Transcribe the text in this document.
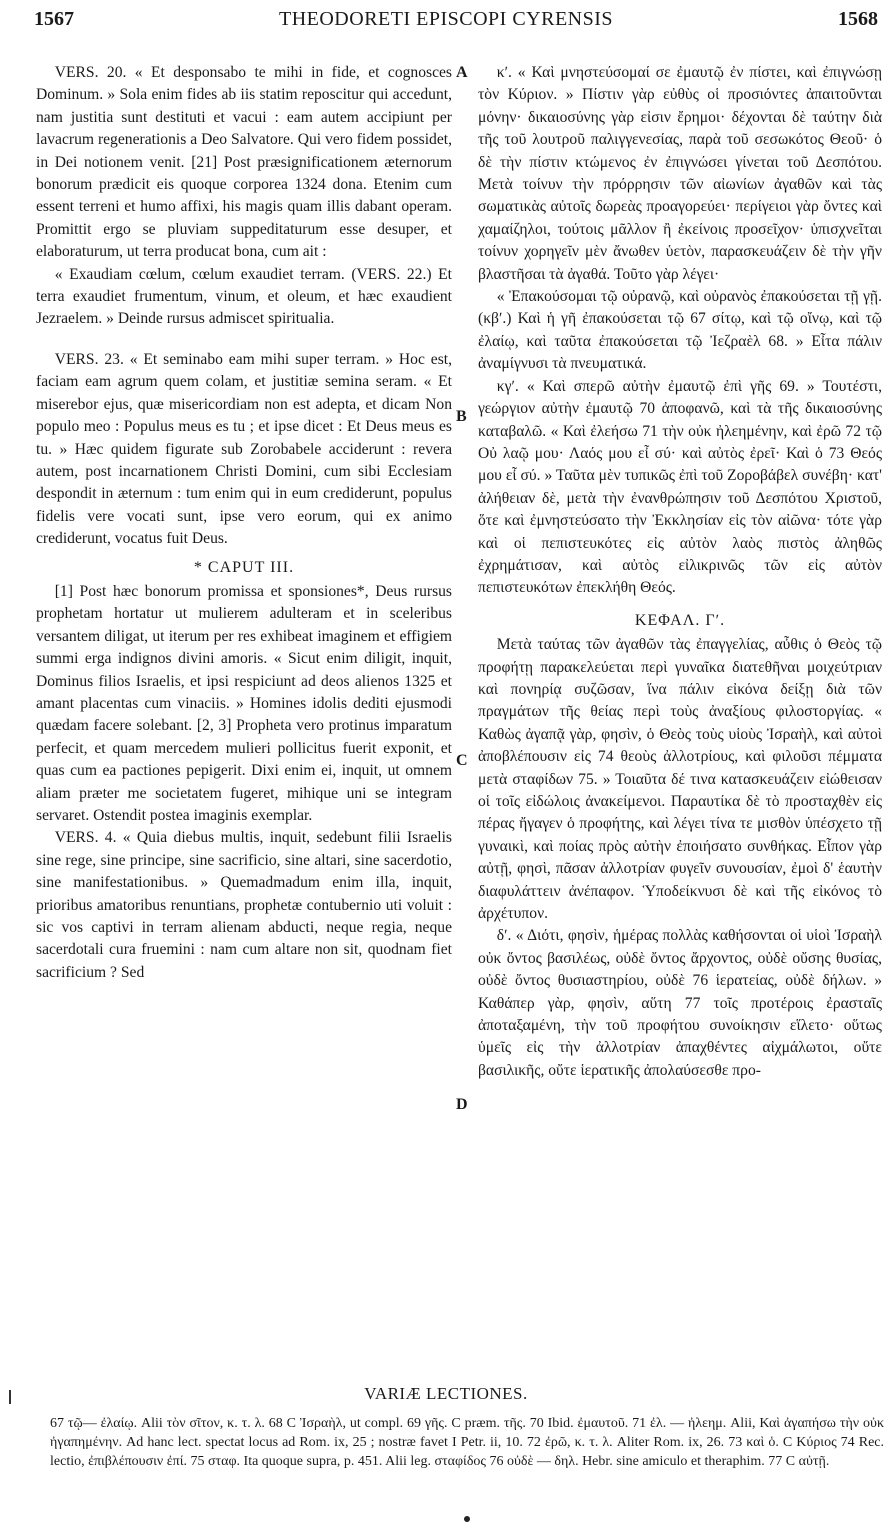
1567	THEODORETI EPISCOPI CYRENSIS	1568
A
B
C
D

VERS. 20. « Et desponsabo te mihi in fide, et cognosces Dominum. » Sola enim fides ab iis statim reposcitur qui accedunt, nam justitia sunt destituti et vacui : eam autem accipiunt per lavacrum regenerationis a Deo Salvatore. Qui vero fidem possidet, in Dei notionem venit. [21] Post præsignificationem æternorum bonorum prædicit eis quoque corporea 1324 dona. Etenim cum essent terreni et humo affixi, his magis quam illis dabant operam. Promittit ergo se pluviam suppeditaturum esse desuper, et elaboraturum, ut terra producat bona, cum ait :

« Exaudiam cœlum, cœlum exaudiet terram. (VERS. 22.) Et terra exaudiet frumentum, vinum, et oleum, et hæc exaudient Jezraelem. » Deinde rursus admiscet spiritualia.

VERS. 23. « Et seminabo eam mihi super terram. » Hoc est, faciam eam agrum quem colam, et justitiæ semina seram. « Et miserebor ejus, quæ misericordiam non est adepta, et dicam Non populo meo : Populus meus es tu ; et ipse dicet : Et Deus meus es tu. » Hæc quidem figurate sub Zorobabele acciderunt : revera autem, post incarnationem Christi Domini, cum sibi Ecclesiam despondit in æternum : tum enim qui in eum crediderunt, populus fidelis vere vocati sunt, ipse vero eorum, qui ex animo crediderunt, vocatus fuit Deus.

* CAPUT III.

[1] Post hæc bonorum promissa et sponsiones*, Deus rursus prophetam hortatur ut mulierem adulteram et in sceleribus versantem diligat, ut iterum per res exhibeat imaginem et effigiem summi erga indignos divini amoris. « Sicut enim diligit, inquit, Dominus filios Israelis, et ipsi respiciunt ad deos alienos 1325 et amant placentas cum vinaciis. » Homines idolis dediti ejusmodi quædam facere solebant. [2, 3] Propheta vero protinus imparatum perfecit, et quam mercedem mulieri pollicitus fuerit exponit, et quas cum ea pactiones pepigerit. Dixi enim ei, inquit, ut omnem aliam præter me societatem fugeret, mihique uni se integram servaret. Ostendit postea imaginis exemplar.

VERS. 4. « Quia diebus multis, inquit, sedebunt filii Israelis sine rege, sine principe, sine sacrificio, sine altari, sine sacerdotio, sine manifestationibus. » Quemadmadum enim illa, inquit, prioribus amatoribus renuntians, prophetæ contubernio uti voluit : sic vos captivi in terram alienam abducti, neque regia, neque sacerdotali cura fruemini : nam cum altare non sit, quodnam fiet sacrificium ? Sed

κʹ. « Καὶ μνηστεύσομαί σε ἐμαυτῷ ἐν πίστει, καὶ ἐπιγνώσῃ τὸν Κύριον. » Πίστιν γὰρ εὐθὺς οἱ προσιόντες ἀπαιτοῦνται μόνην· δικαιοσύνης γὰρ εἰσιν ἔρημοι· δέχονται δὲ ταύτην διὰ τῆς τοῦ λουτροῦ παλιγγενεσίας, παρὰ τοῦ σεσωκότος Θεοῦ· ὁ δὲ τὴν πίστιν κτώμενος ἐν ἐπιγνώσει γίνεται τοῦ Δεσπότου. Μετὰ τοίνυν τὴν πρόρρησιν τῶν αἰωνίων ἀγαθῶν καὶ τὰς σωματικὰς αὐτοῖς δωρεὰς προαγορεύει· περίγειοι γὰρ ὄντες καὶ χαμαίζηλοι, τούτοις μᾶλλον ἢ ἐκείνοις προσεῖχον· ὑπισχνεῖται τοίνυν χορηγεῖν μὲν ἄνωθεν ὑετὸν, παρασκευάζειν δὲ τὴν γῆν βλαστῆσαι τὰ ἀγαθά. Τοῦτο γὰρ λέγει·

« Ἐπακούσομαι τῷ οὐρανῷ, καὶ οὐρανὸς ἐπακούσεται τῇ γῇ. (κβʹ.) Καὶ ἡ γῆ ἐπακούσεται τῷ 67 σίτῳ, καὶ τῷ οἴνῳ, καὶ τῷ ἐλαίῳ, καὶ ταῦτα ἐπακούσεται τῷ Ἰεζραὲλ 68. » Εἶτα πάλιν ἀναμίγνυσι τὰ πνευματικά.

κγʹ. « Καὶ σπερῶ αὐτὴν ἐμαυτῷ ἐπὶ γῆς 69. » Τουτέστι, γεώργιον αὐτὴν ἐμαυτῷ 70 ἀποφανῶ, καὶ τὰ τῆς δικαιοσύνης καταβαλῶ. « Καὶ ἐλεήσω 71 τὴν οὐκ ἠλεημένην, καὶ ἐρῶ 72 τῷ Οὐ λαῷ μου· Λαός μου εἶ σύ· καὶ αὐτὸς ἐρεῖ· Καὶ ὁ 73 Θεός μου εἶ σύ. » Ταῦτα μὲν τυπικῶς ἐπὶ τοῦ Ζοροβάβελ συνέβη· κατ' ἀλήθειαν δὲ, μετὰ τὴν ἐνανθρώπησιν τοῦ Δεσπότου Χριστοῦ, ὅτε καὶ ἐμνηστεύσατο τὴν Ἐκκλησίαν εἰς τὸν αἰῶνα· τότε γὰρ καὶ οἱ πεπιστευκότες εἰς αὐτὸν λαὸς πιστὸς ἀληθῶς ἐχρημάτισαν, καὶ αὐτὸς εἰλικρινῶς τῶν εἰς αὐτὸν πεπιστευκότων ἐπεκλήθη Θεός.

ΚΕΦΑΛ. Γʹ.

Μετὰ ταύτας τῶν ἀγαθῶν τὰς ἐπαγγελίας, αὖθις ὁ Θεὸς τῷ προφήτῃ παρακελεύεται περὶ γυναῖκα διατεθῆναι μοιχεύτριαν καὶ πονηρίᾳ συζῶσαν, ἵνα πάλιν εἰκόνα δείξῃ διὰ τῶν πραγμάτων τῆς θείας περὶ τοὺς ἀναξίους φιλοστοργίας. « Καθὼς ἀγαπᾷ γὰρ, φησὶν, ὁ Θεὸς τοὺς υἱοὺς Ἰσραὴλ, καὶ αὐτοὶ ἀποβλέπουσιν εἰς 74 θεοὺς ἀλλοτρίους, καὶ φιλοῦσι πέμματα μετὰ σταφίδων 75. » Τοιαῦτα δέ τινα κατασκευάζειν εἰώθεισαν οἱ τοῖς εἰδώλοις ἀνακείμενοι. Παραυτίκα δὲ τὸ προσταχθὲν εἰς πέρας ἤγαγεν ὁ προφήτης, καὶ λέγει τίνα τε μισθὸν ὑπέσχετο τῇ γυναικὶ, καὶ ποίας πρὸς αὐτὴν ἐποιήσατο συνθήκας. Εἶπον γὰρ αὐτῇ, φησὶ, πᾶσαν ἀλλοτρίαν φυγεῖν συνουσίαν, ἐμοὶ δ' ἑαυτὴν διαφυλάττειν ἀνέπαφον. Ὑποδείκνυσι δὲ καὶ τῆς εἰκόνος τὸ ἀρχέτυπον.

δʹ. « Διότι, φησὶν, ἡμέρας πολλὰς καθήσονται οἱ υἱοὶ Ἰσραὴλ οὐκ ὄντος βασιλέως, οὐδὲ ὄντος ἄρχοντος, οὐδὲ οὔσης θυσίας, οὐδὲ ὄντος θυσιαστηρίου, οὐδὲ 76 ἱερατείας, οὐδὲ δήλων. » Καθάπερ γὰρ, φησὶν, αὕτη 77 τοῖς προτέροις ἐρασταῖς ἀποταξαμένη, τὴν τοῦ προφήτου συνοίκησιν εἵλετο· οὕτως ὑμεῖς εἰς τὴν ἀλλοτρίαν ἀπαχθέντες αἰχμάλωτοι, οὔτε βασιλικῆς, οὔτε ἱερατικῆς ἀπολαύσεσθε προ-

VARIÆ LECTIONES.
67 τῷ— ἐλαίῳ. Alii τὸν σῖτον, κ. τ. λ. 68 C Ἰσραὴλ, ut compl. 69 γῆς. C præm. τῆς. 70 Ibid. ἐμαυτοῦ. 71 ἐλ. — ἠλεημ. Alii, Καὶ ἀγαπήσω τὴν οὐκ ἠγαπημένην. Ad hanc lect. spectat locus ad Rom. ix, 25 ; nostræ favet I Petr. ii, 10. 72 ἐρῶ, κ. τ. λ. Aliter Rom. ix, 26. 73 καὶ ὁ. C Κύριος 74 Rec. lectio, ἐπιβλέπουσιν ἐπί. 75 σταφ. Ita quoque supra, p. 451. Alii leg. σταφίδος 76 οὐδὲ — δηλ. Hebr. sine amiculo et theraphim. 77 C αὐτῇ.
